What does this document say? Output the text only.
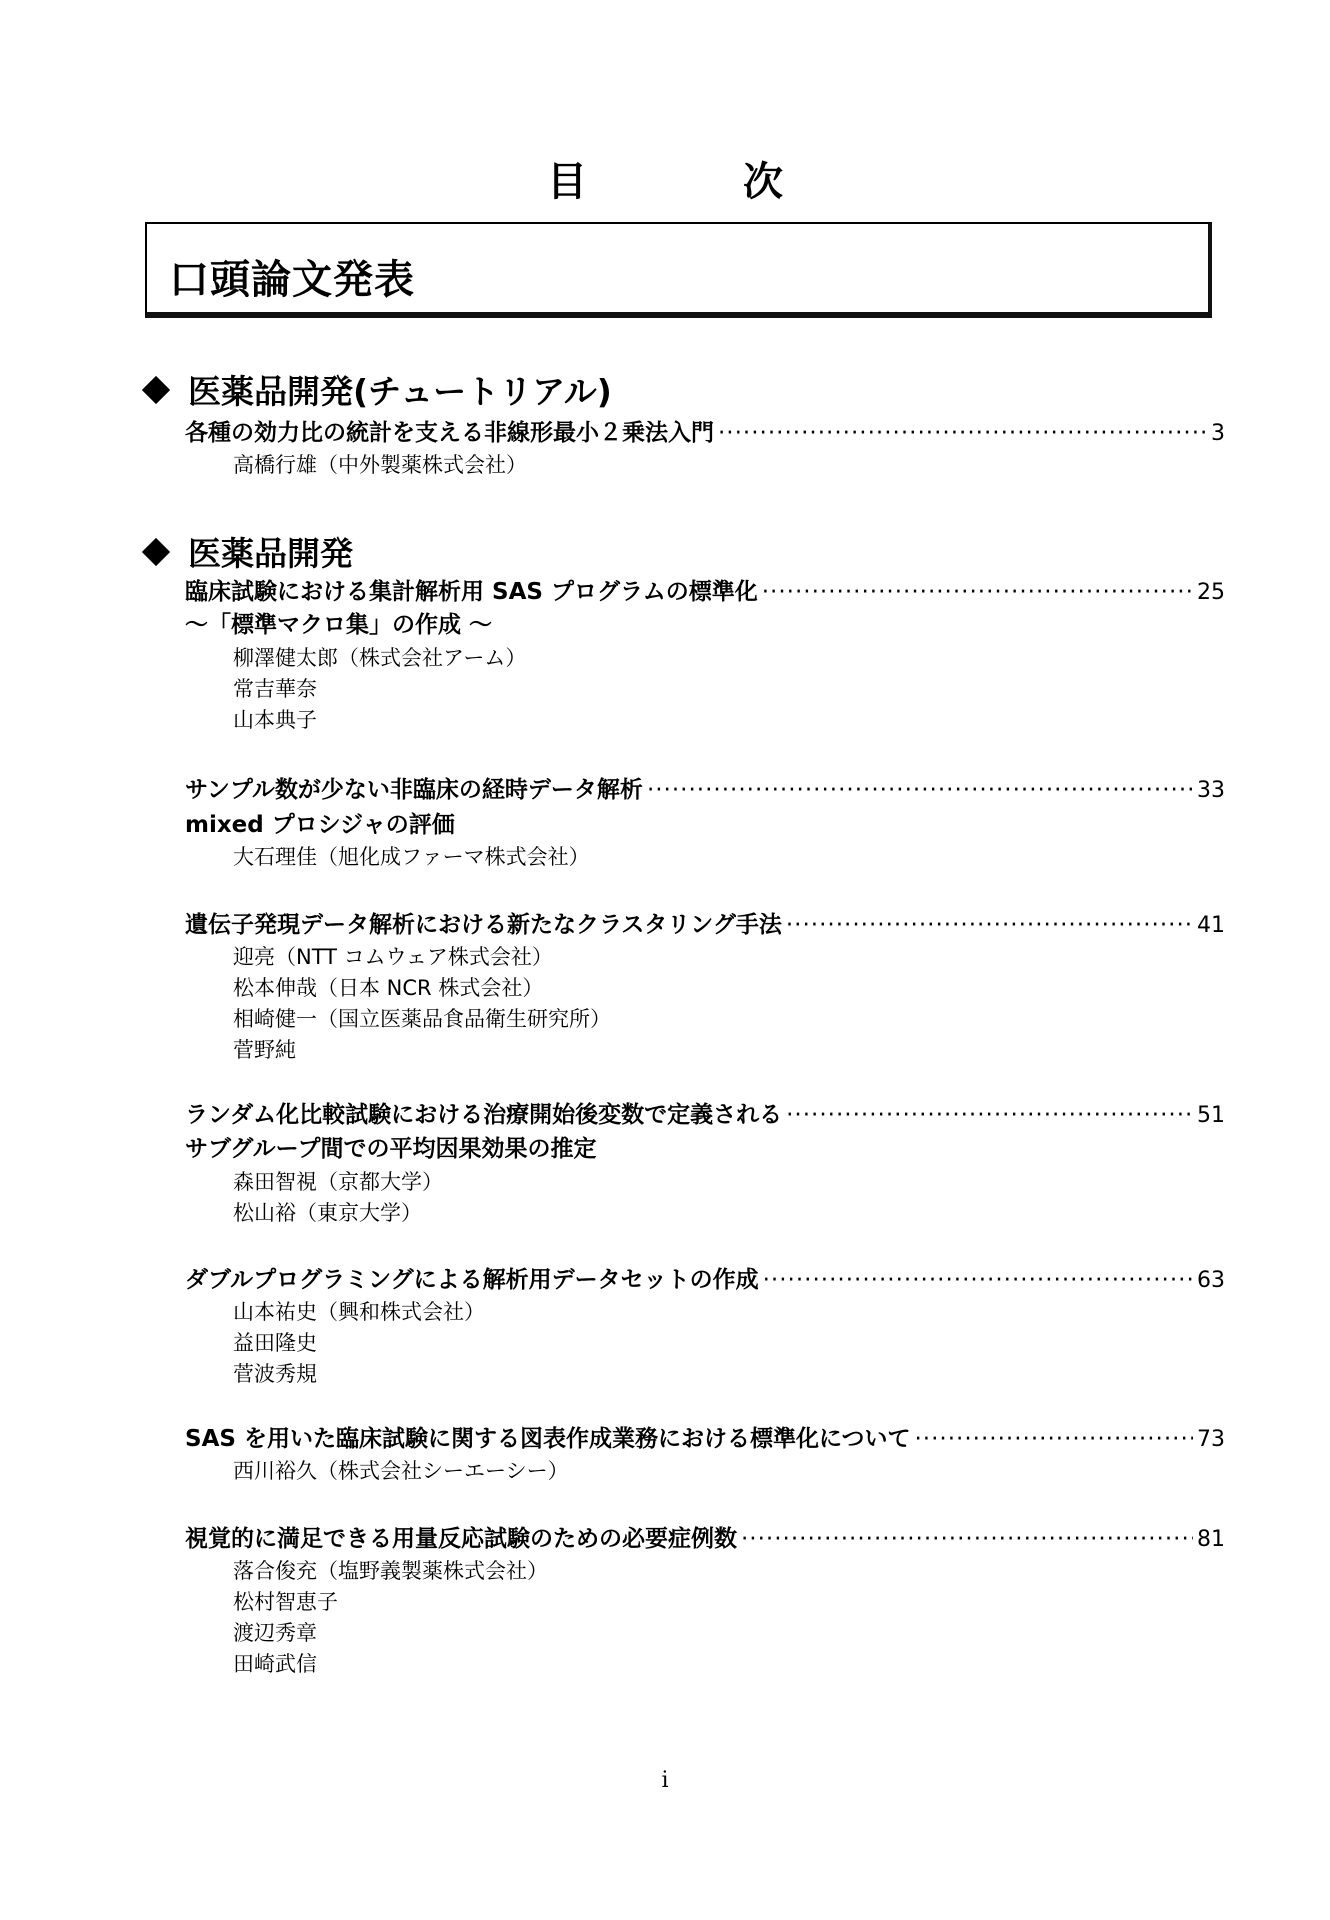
目　次
口頭論文発表
医薬品開発(チュートリアル)
各種の効力比の統計を支える非線形最小２乗法入門 ·····	3
高橋行雄（中外製薬株式会社）
医薬品開発
臨床試験における集計解析用 SAS プログラムの標準化 ·····	25
～「標準マクロ集」の作成 ～
柳澤健太郎（株式会社アーム）
常吉華奈
山本典子
サンプル数が少ない非臨床の経時データ解析 ·····	33
mixed プロシジャの評価
大石理佳（旭化成ファーマ株式会社）
遺伝子発現データ解析における新たなクラスタリング手法 ·····	41
迎亮（NTT コムウェア株式会社）
松本伸哉（日本 NCR 株式会社）
相崎健一（国立医薬品食品衛生研究所）
菅野純
ランダム化比較試験における治療開始後変数で定義される ·····	51
サブグループ間での平均因果効果の推定
森田智視（京都大学）
松山裕（東京大学）
ダブルプログラミングによる解析用データセットの作成 ·····	63
山本祐史（興和株式会社）
益田隆史
菅波秀規
SAS を用いた臨床試験に関する図表作成業務における標準化について ·····	73
西川裕久（株式会社シーエーシー）
視覚的に満足できる用量反応試験のための必要症例数 ·····	81
落合俊充（塩野義製薬株式会社）
松村智恵子
渡辺秀章
田崎武信
i
